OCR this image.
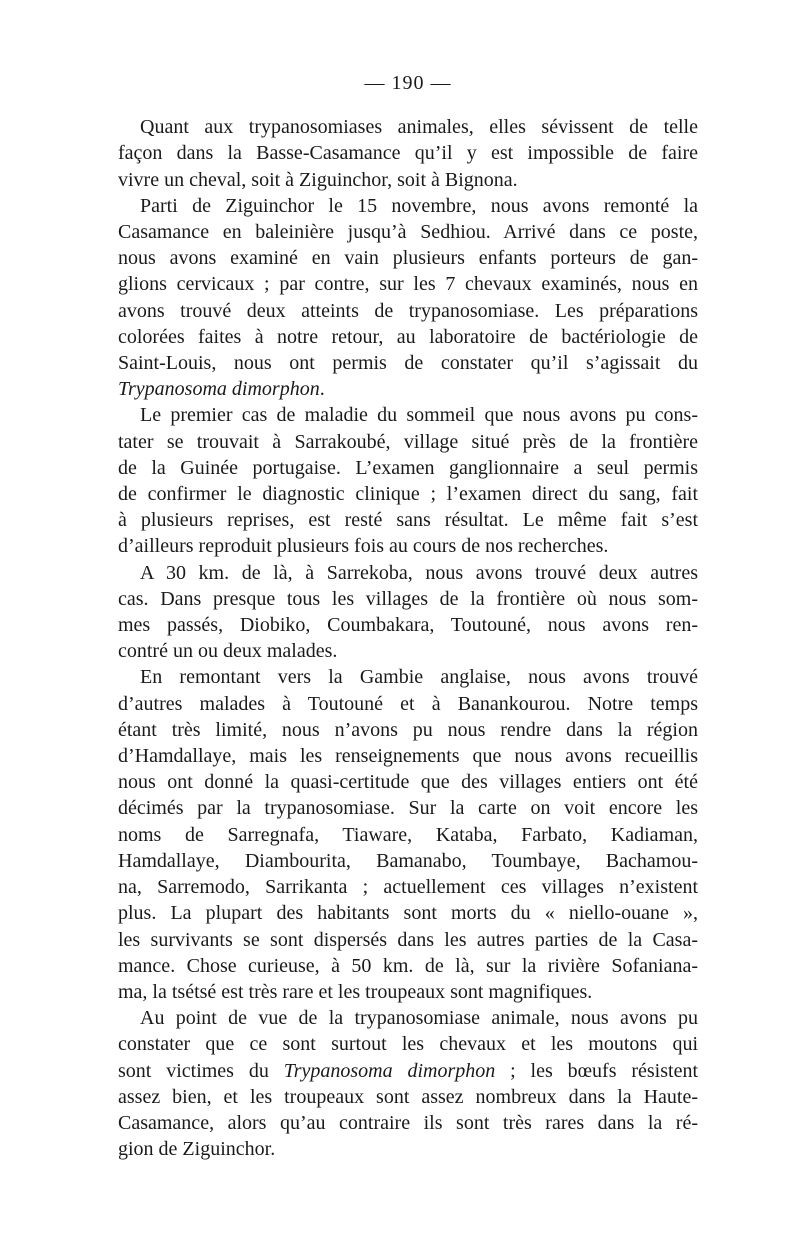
— 190 —
Quant aux trypanosomiases animales, elles sévissent de telle
façon dans la Basse-Casamance qu’il y est impossible de faire
vivre un cheval, soit à Ziguinchor, soit à Bignona.
Parti de Ziguinchor le 15 novembre, nous avons remonté la
Casamance en baleinière jusqu’à Sedhiou. Arrivé dans ce poste,
nous avons examiné en vain plusieurs enfants porteurs de gan-
glions cervicaux ; par contre, sur les 7 chevaux examinés, nous en
avons trouvé deux atteints de trypanosomiase. Les préparations
colorées faites à notre retour, au laboratoire de bactériologie de
Saint-Louis, nous ont permis de constater qu’il s’agissait du
Trypanosoma dimorphon.
Le premier cas de maladie du sommeil que nous avons pu cons-
tater se trouvait à Sarrakoubé, village situé près de la frontière
de la Guinée portugaise. L’examen ganglionnaire a seul permis
de confirmer le diagnostic clinique ; l’examen direct du sang, fait
à plusieurs reprises, est resté sans résultat. Le même fait s’est
d’ailleurs reproduit plusieurs fois au cours de nos recherches.
A 30 km. de là, à Sarrekoba, nous avons trouvé deux autres
cas. Dans presque tous les villages de la frontière où nous som-
mes passés, Diobiko, Coumbakara, Toutouné, nous avons ren-
contré un ou deux malades.
En remontant vers la Gambie anglaise, nous avons trouvé
d’autres malades à Toutouné et à Banankourou. Notre temps
étant très limité, nous n’avons pu nous rendre dans la région
d’Hamdallaye, mais les renseignements que nous avons recueillis
nous ont donné la quasi-certitude que des villages entiers ont été
décimés par la trypanosomiase. Sur la carte on voit encore les
noms de Sarregnafa, Tiaware, Kataba, Farbato, Kadiaman,
Hamdallaye, Diambourita, Bamanabo, Toumbaye, Bachamou-
na, Sarremodo, Sarrikanta ; actuellement ces villages n’existent
plus. La plupart des habitants sont morts du « niello-ouane »,
les survivants se sont dispersés dans les autres parties de la Casa-
mance. Chose curieuse, à 50 km. de là, sur la rivière Sofaniana-
ma, la tsétsé est très rare et les troupeaux sont magnifiques.
Au point de vue de la trypanosomiase animale, nous avons pu
constater que ce sont surtout les chevaux et les moutons qui
sont victimes du Trypanosoma dimorphon ; les bœufs résistent
assez bien, et les troupeaux sont assez nombreux dans la Haute-
Casamance, alors qu’au contraire ils sont très rares dans la ré-
gion de Ziguinchor.
